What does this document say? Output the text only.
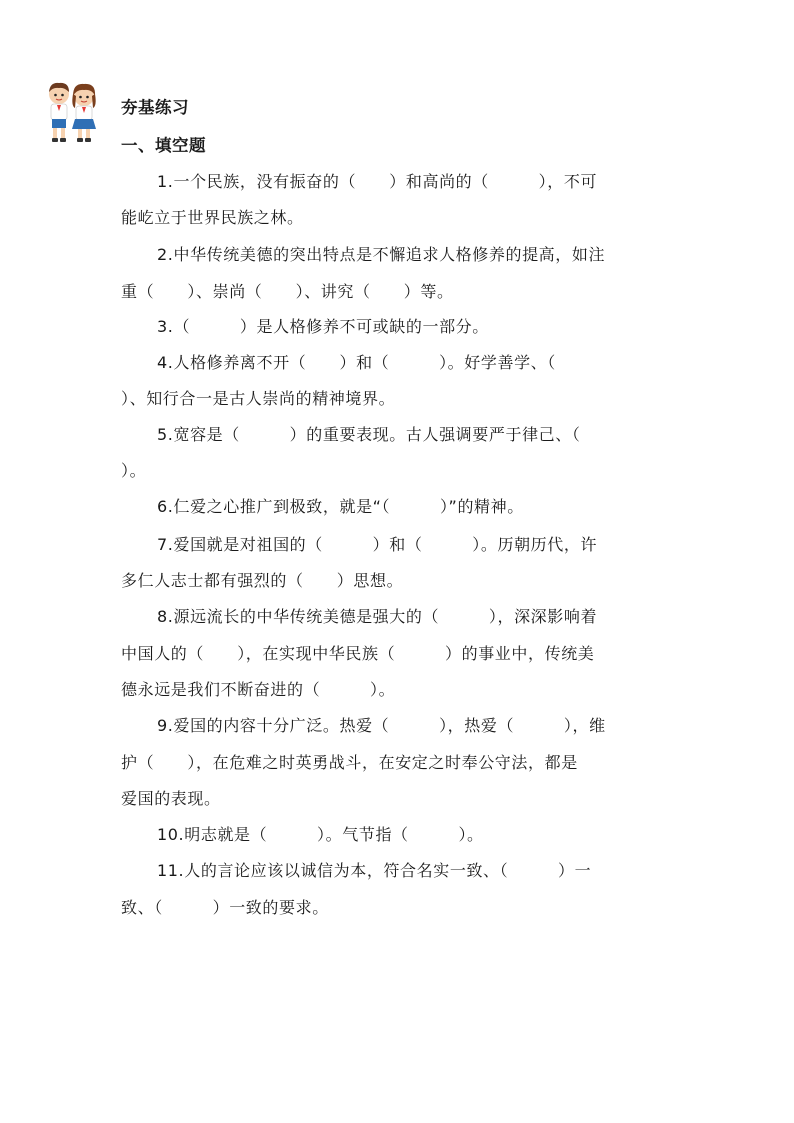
夯基练习
一、填空题
1.一个民族，没有振奋的（　　）和高尚的（　　　），不可
能屹立于世界民族之林。
2.中华传统美德的突出特点是不懈追求人格修养的提高，如注
重（　　）、崇尚（　　）、讲究（　　）等。
3.（　　　）是人格修养不可或缺的一部分。
4.人格修养离不开（　　）和（　　　）。好学善学、（
）、知行合一是古人崇尚的精神境界。
5.宽容是（　　　）的重要表现。古人强调要严于律己、（
）。
6.仁爱之心推广到极致，就是“（　　　）”的精神。
7.爱国就是对祖国的（　　　）和（　　　）。历朝历代，许
多仁人志士都有强烈的（　　）思想。
8.源远流长的中华传统美德是强大的（　　　），深深影响着
中国人的（　　），在实现中华民族（　　　）的事业中，传统美
德永远是我们不断奋进的（　　　）。
9.爱国的内容十分广泛。热爱（　　　），热爱（　　　），维
护（　　），在危难之时英勇战斗，在安定之时奉公守法，都是
爱国的表现。
10.明志就是（　　　）。气节指（　　　）。
11.人的言论应该以诚信为本，符合名实一致、（　　　）一
致、（　　　）一致的要求。
